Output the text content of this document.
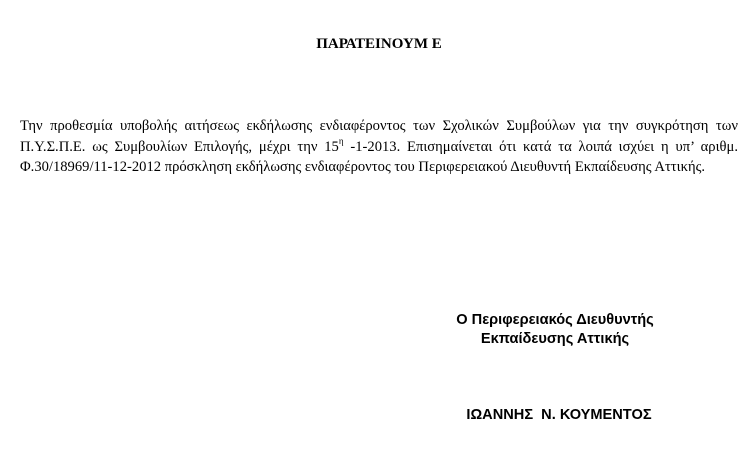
ΠΑΡΑΤΕΙΝΟΥΜ Ε
Την προθεσμία υποβολής αιτήσεως εκδήλωσης ενδιαφέροντος των Σχολικών Συμβούλων για την συγκρότηση των Π.Υ.Σ.Π.Ε. ως Συμβουλίων Επιλογής, μέχρι την $15^\eta$ -1-2013. Επισημαίνεται ότι κατά τα λοιπά ισχύει η υπ’ αριθμ. Φ.30/18969/11-12-2012 πρόσκληση εκδήλωσης ενδιαφέροντος του Περιφερειακού Διευθυντή Εκπαίδευσης Αττικής.
Ο Περιφερειακός Διευθυντής
Εκπαίδευσης Αττικής
ΙΩΑΝΝΗΣ  Ν. ΚΟΥΜΕΝΤΟΣ
